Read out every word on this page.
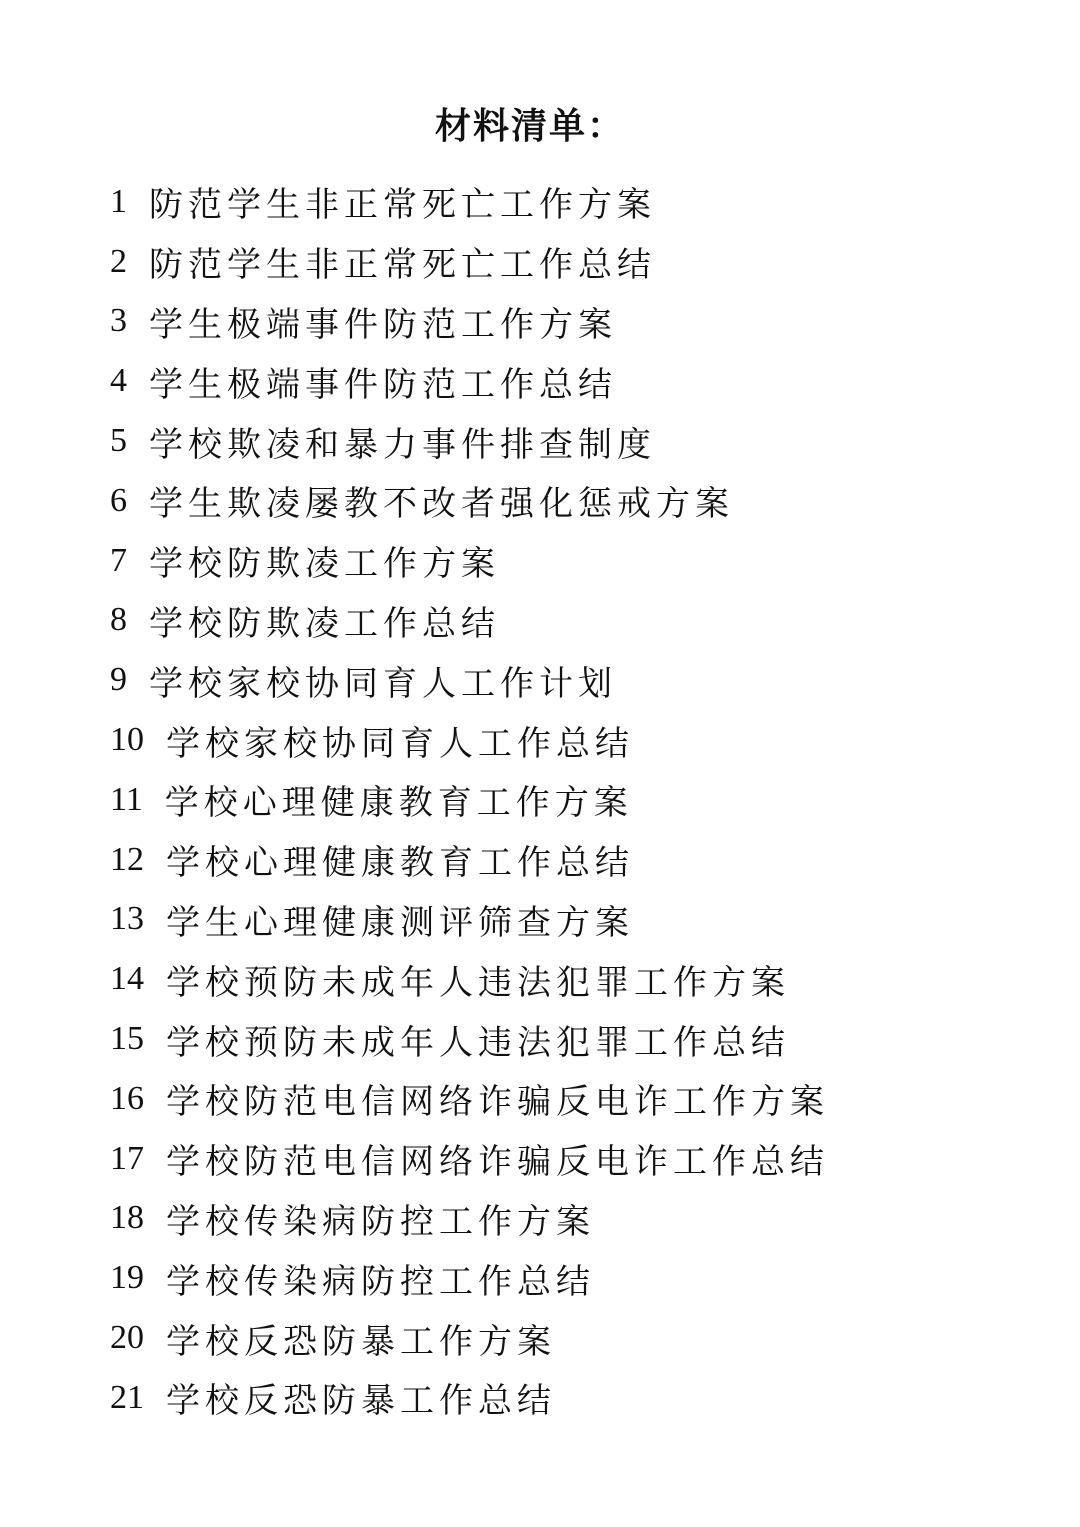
材料清单：
1 防范学生非正常死亡工作方案
2 防范学生非正常死亡工作总结
3 学生极端事件防范工作方案
4 学生极端事件防范工作总结
5 学校欺凌和暴力事件排查制度
6 学生欺凌屡教不改者强化惩戒方案
7 学校防欺凌工作方案
8 学校防欺凌工作总结
9 学校家校协同育人工作计划
10 学校家校协同育人工作总结
11 学校心理健康教育工作方案
12 学校心理健康教育工作总结
13 学生心理健康测评筛查方案
14 学校预防未成年人违法犯罪工作方案
15 学校预防未成年人违法犯罪工作总结
16 学校防范电信网络诈骗反电诈工作方案
17 学校防范电信网络诈骗反电诈工作总结
18 学校传染病防控工作方案
19 学校传染病防控工作总结
20 学校反恐防暴工作方案
21 学校反恐防暴工作总结
